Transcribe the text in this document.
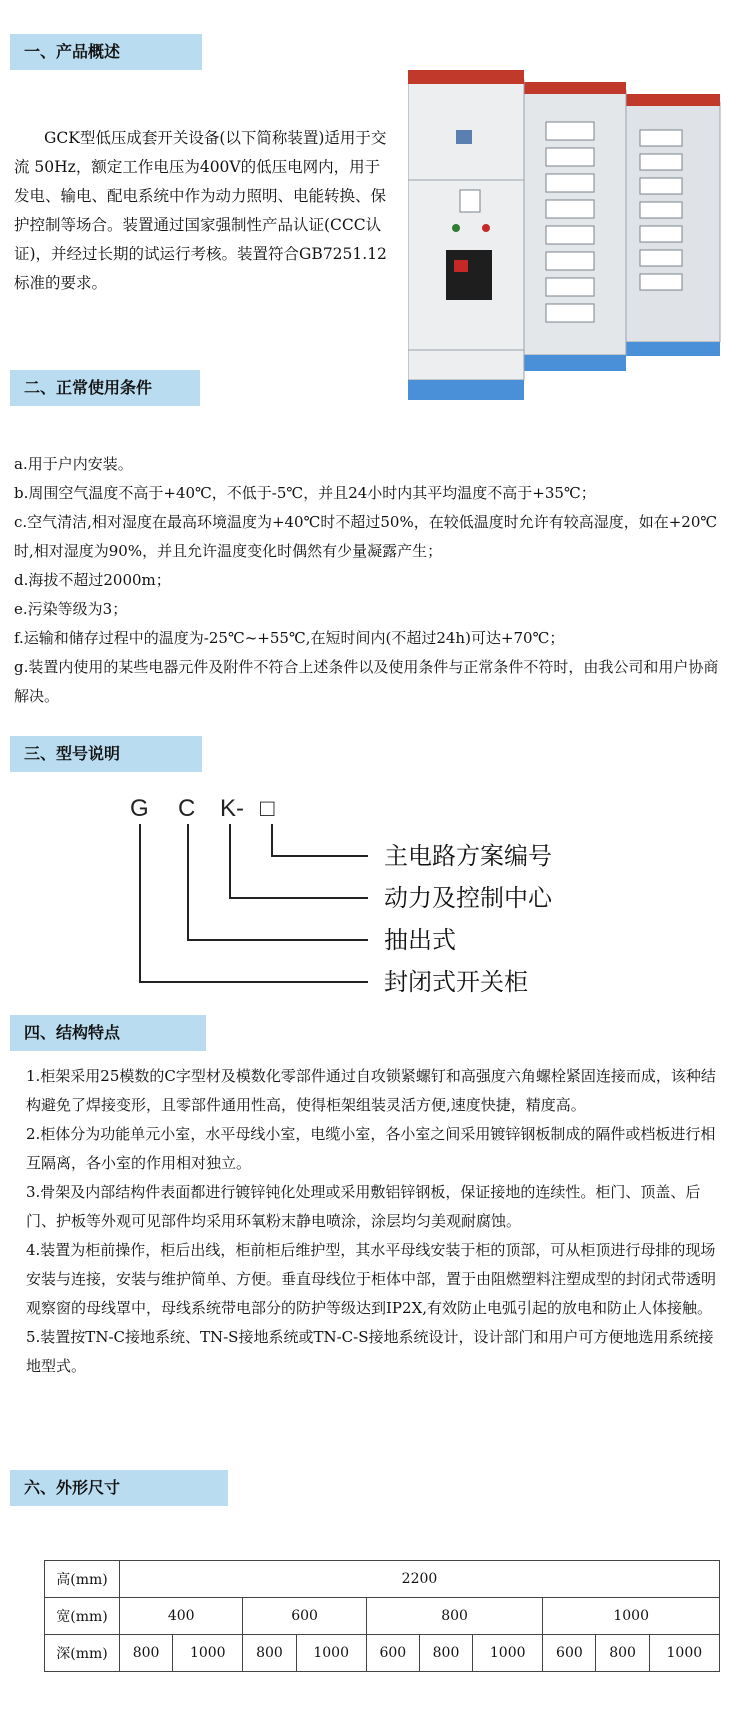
一、产品概述
GCK型低压成套开关设备(以下简称装置)适用于交流 50Hz，额定工作电压为400V的低压电网内，用于发电、输电、配电系统中作为动力照明、电能转换、保护控制等场合。装置通过国家强制性产品认证(CCC认证)，并经过长期的试运行考核。装置符合GB7251.12标准的要求。
二、正常使用条件
a.用于户内安装。
b.周围空气温度不高于+40℃，不低于-5℃，并且24小时内其平均温度不高于+35℃；
c.空气清洁,相对湿度在最高环境温度为+40℃时不超过50%，在较低温度时允许有较高湿度，如在+20℃时,相对湿度为90%，并且允许温度变化时偶然有少量凝露产生；
d.海拔不超过2000m；
e.污染等级为3；
f.运输和储存过程中的温度为-25℃~+55℃,在短时间内(不超过24h)可达+70℃；
g.装置内使用的某些电器元件及附件不符合上述条件以及使用条件与正常条件不符时，由我公司和用户协商解决。
三、型号说明
G C K- □
主电路方案编号
动力及控制中心
抽出式
封闭式开关柜
四、结构特点
1.柜架采用25模数的C字型材及模数化零部件通过自攻锁紧螺钉和高强度六角螺栓紧固连接而成，该种结构避免了焊接变形，且零部件通用性高，使得柜架组装灵活方便,速度快捷，精度高。
2.柜体分为功能单元小室，水平母线小室，电缆小室，各小室之间采用镀锌钢板制成的隔件或档板进行相互隔离，各小室的作用相对独立。
3.骨架及内部结构件表面都进行镀锌钝化处理或采用敷铝锌钢板，保证接地的连续性。柜门、顶盖、后门、护板等外观可见部件均采用环氧粉末静电喷涂，涂层均匀美观耐腐蚀。
4.装置为柜前操作，柜后出线，柜前柜后维护型，其水平母线安装于柜的顶部，可从柜顶进行母排的现场安装与连接，安装与维护简单、方便。垂直母线位于柜体中部，置于由阻燃塑料注塑成型的封闭式带透明观察窗的母线罩中，母线系统带电部分的防护等级达到IP2X,有效防止电弧引起的放电和防止人体接触。
5.装置按TN-C接地系统、TN-S接地系统或TN-C-S接地系统设计，设计部门和用户可方便地选用系统接地型式。
六、外形尺寸
高(mm)	2200									
宽(mm)	400		600		800			1000		
深(mm)	800	1000	800	1000	600	800	1000	600	800	1000
